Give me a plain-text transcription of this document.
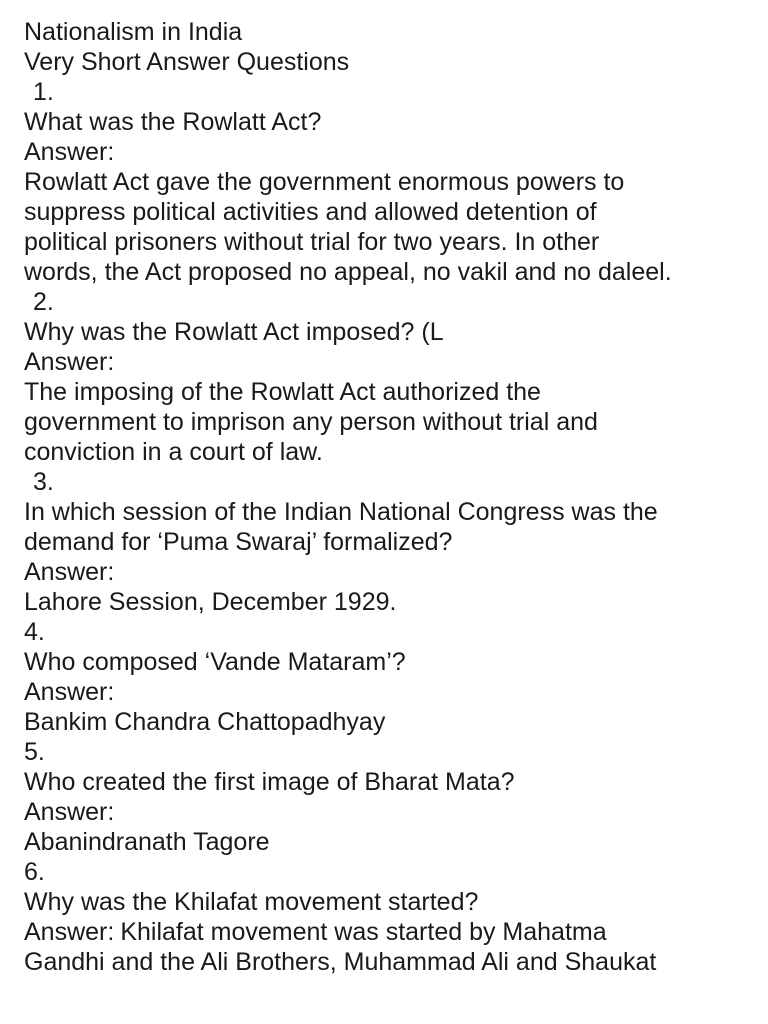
Nationalism in India
Very Short Answer Questions
1.
What was the Rowlatt Act?
Answer:
Rowlatt Act gave the government enormous powers to
suppress political activities and allowed detention of
political prisoners without trial for two years. In other
words, the Act proposed no appeal, no vakil and no daleel.
2.
Why was the Rowlatt Act imposed? (L
Answer:
The imposing of the Rowlatt Act authorized the
government to imprison any person without trial and
conviction in a court of law.
3.
In which session of the Indian National Congress was the
demand for ‘Puma Swaraj’ formalized?
Answer:
Lahore Session, December 1929.
4.
Who composed ‘Vande Mataram’?
Answer:
Bankim Chandra Chattopadhyay
5.
Who created the first image of Bharat Mata?
Answer:
Abanindranath Tagore
6.
Why was the Khilafat movement started?
Answer: Khilafat movement was started by Mahatma
Gandhi and the Ali Brothers, Muhammad Ali and Shaukat
